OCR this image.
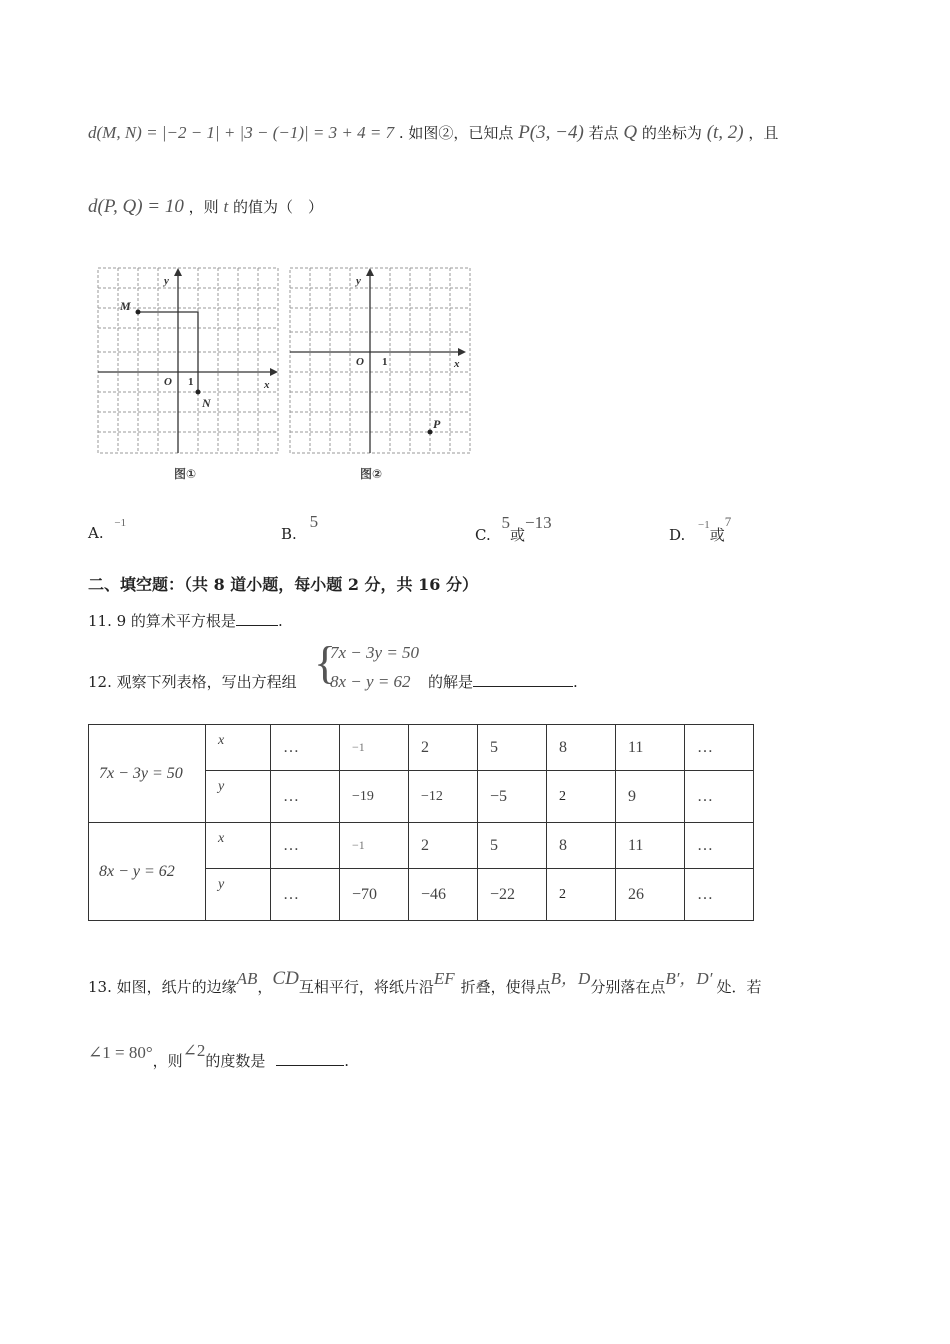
d(M, N) = |−2 − 1| + |3 − (−1)| = 3 + 4 = 7 . 如图②，已知点 P(3, −4) 若点 Q 的坐标为 (t, 2) ，且
d(P, Q) = 10 ，则 t 的值为（　）
y
x
O 1
M
N
图①
y
x
O 1
P
图②
A. $^{-1}$
B. 5
C. 5或−13
D. $^{-1}$或7
二、填空题：（共 8 道小题，每小题 2 分，共 16 分）
11. 9 的算术平方根是	.
12. 观察下列表格，写出方程组 {
7x − 3y = 50
8x − y = 62 的解是	.
7x − 3y = 50	x	…	−1	2	5	8	11	…
	y	…	−19	−12	−5	2	9	…
8x − y = 62	x	…	−1	2	5	8	11	…
	y	…	−70	−46	−22	2	26	…
13. 如图，纸片的边缘AB，CD互相平行，将纸片沿EF 折叠，使得点B，D分别落在点B′，D′ 处．若
∠1 = 80°，则∠2的度数是	.
